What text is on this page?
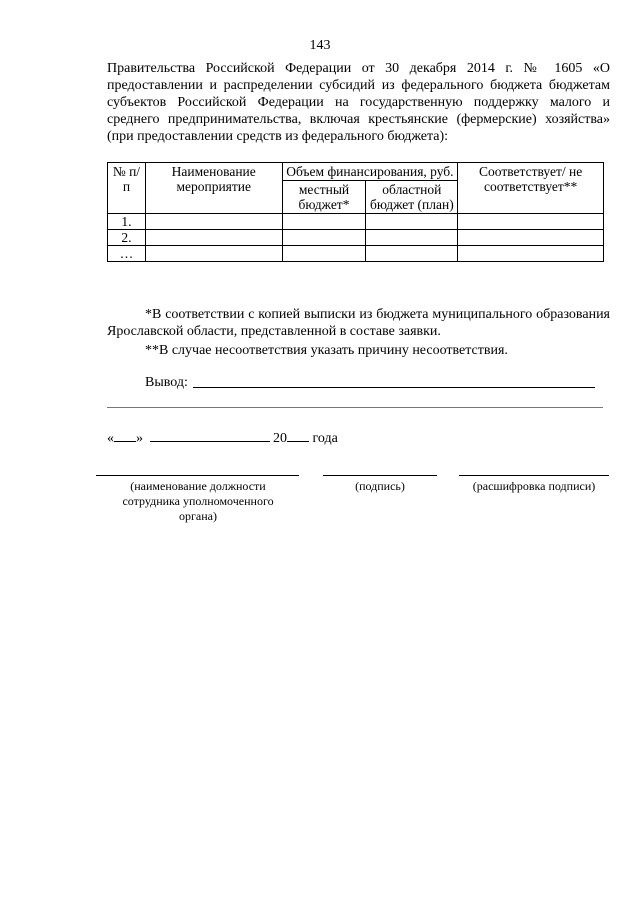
143

Правительства Российской Федерации от 30 декабря 2014 г. № 1605 «О предоставлении и распределении субсидий из федерального бюджета бюджетам субъектов Российской Федерации на государственную поддержку малого и среднего предпринимательства, включая крестьянские (фермерские) хозяйства» (при предоставлении средств из федерального бюджета):

№ п/п	Наименование мероприятие	Объем финансирования, руб.		Соответствует/ не соответствует**
		местный бюджет*	областной бюджет (план)	
1.				
2.				
…				

*В соответствии с копией выписки из бюджета муниципального образования Ярославской области, представленной в составе заявки.

**В случае несоответствия указать причину несоответствия.

Вывод:
« »	20 года
(наименование должности сотрудника уполномоченного органа)
(подпись)	(расшифровка подписи)
